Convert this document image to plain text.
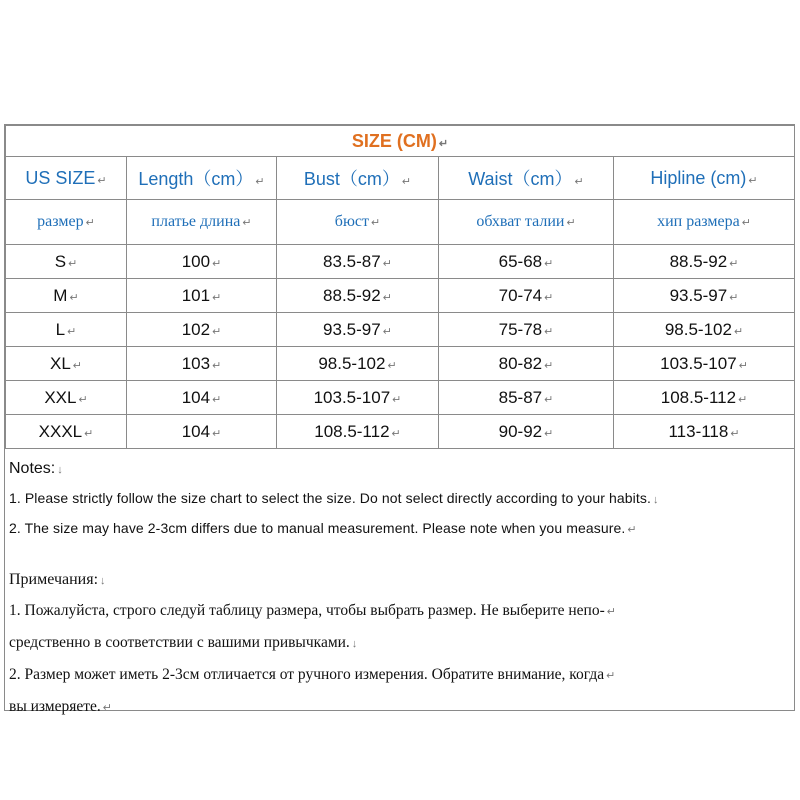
SIZE (CM) ↵				
US SIZE ↵	Length（cm） ↵	Bust（cm） ↵	Waist（cm） ↵	Hipline (cm) ↵
размер ↵	платье длина ↵	бюст ↵	обхват талии ↵	хип размера ↵
S ↵	100 ↵	83.5-87 ↵	65-68 ↵	88.5-92 ↵
M ↵	101 ↵	88.5-92 ↵	70-74 ↵	93.5-97 ↵
L ↵	102 ↵	93.5-97 ↵	75-78 ↵	98.5-102 ↵
XL ↵	103 ↵	98.5-102 ↵	80-82 ↵	103.5-107 ↵
XXL ↵	104 ↵	103.5-107 ↵	85-87 ↵	108.5-112 ↵
XXXL ↵	104 ↵	108.5-112 ↵	90-92 ↵	113-118 ↵
Notes: ↓
1. Please strictly follow the size chart to select the size. Do not select directly according to your habits. ↓
2. The size may have 2-3cm differs due to manual measurement. Please note when you measure. ↵
Примечания: ↓
1. Пожалуйста, строго следуй таблицу размера, чтобы выбрать размер. Не выберите непо- ↵
средственно в соответствии с вашими привычками. ↓
2. Размер может иметь 2-3см отличается от ручного измерения. Обратите внимание, когда ↵
вы измеряете. ↵
